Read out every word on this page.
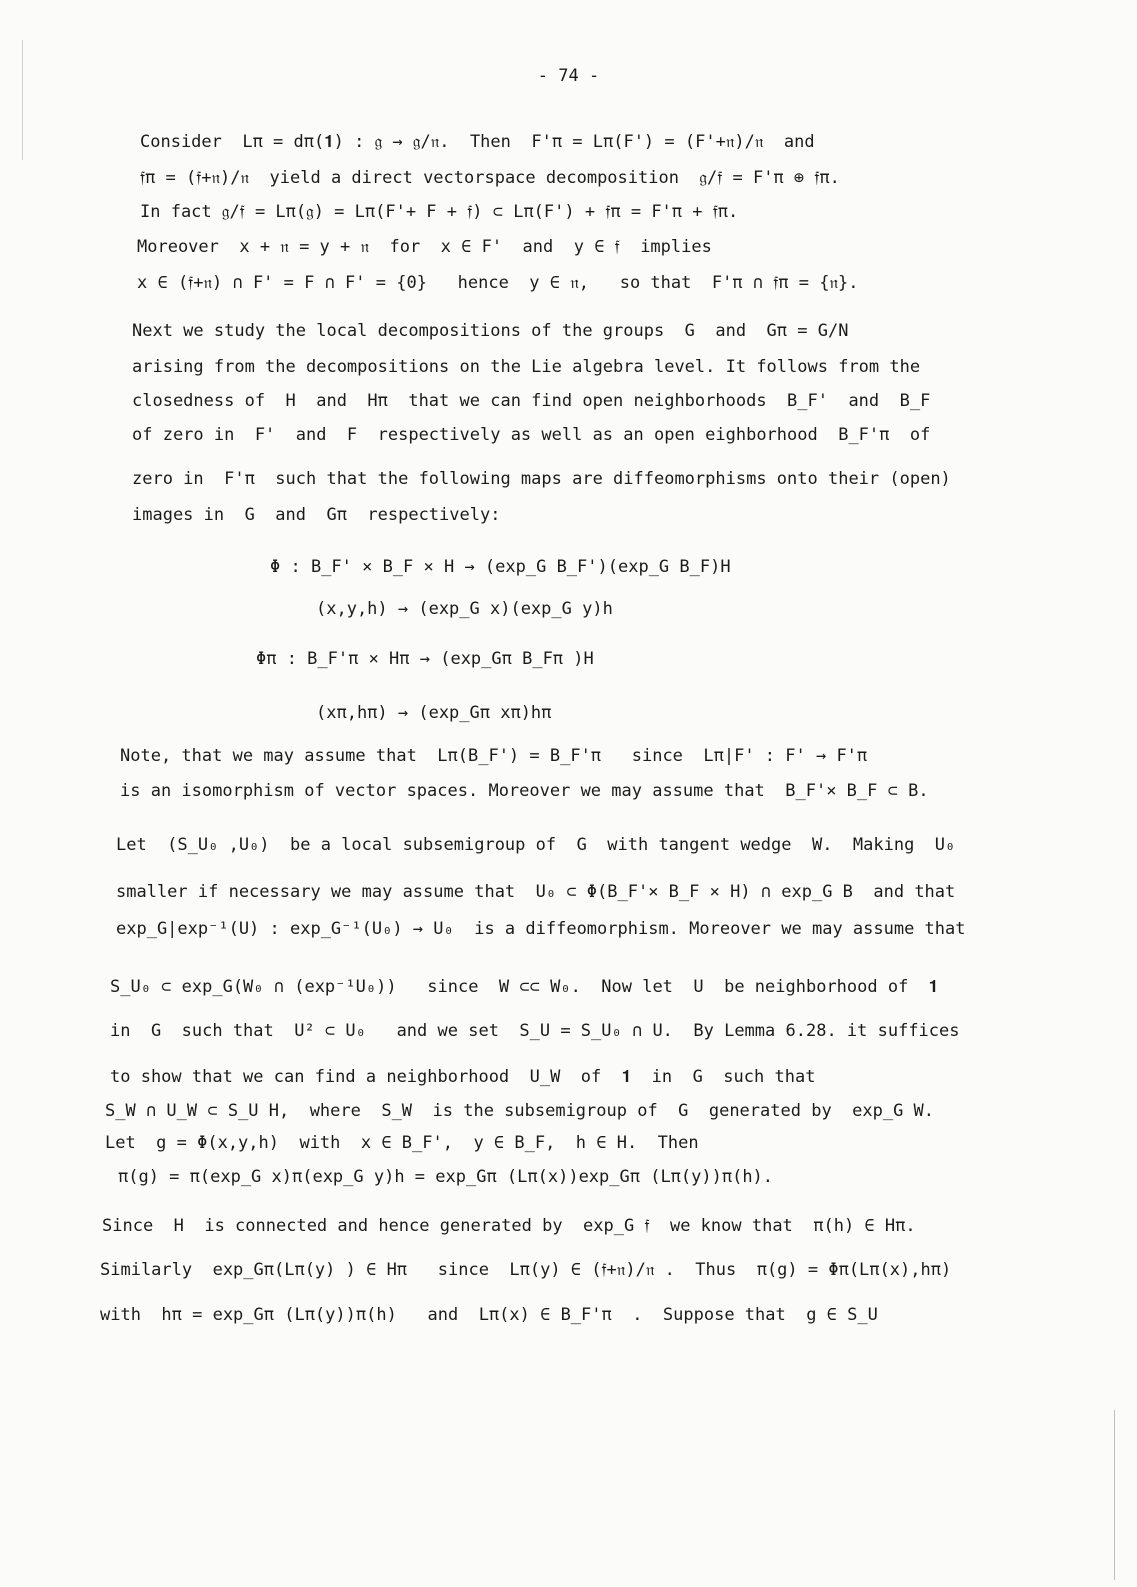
- 74 -
Consider  Lπ = dπ(𝟏) : 𝔤 → 𝔤/𝔫.  Then  F'π = Lπ(F') = (F'+𝔫)/𝔫  and
𝔣π = (𝔣+𝔫)/𝔫  yield a direct vectorspace decomposition  𝔤/𝔣 = F'π ⊕ 𝔣π.
In fact 𝔤/𝔣 = Lπ(𝔤) = Lπ(F'+ F + 𝔣) ⊂ Lπ(F') + 𝔣π = F'π + 𝔣π.
Moreover  x + 𝔫 = y + 𝔫  for  x ∈ F'  and  y ∈ 𝔣  implies
x ∈ (𝔣+𝔫) ∩ F' = F ∩ F' = {0}   hence  y ∈ 𝔫,   so that  F'π ∩ 𝔣π = {𝔫}.
Next we study the local decompositions of the groups  G  and  Gπ = G/N
arising from the decompositions on the Lie algebra level. It follows from the
closedness of  H  and  Hπ  that we can find open neighborhoods  B_F'  and  B_F
of zero in  F'  and  F  respectively as well as an open eighborhood  B_F'π  of
zero in  F'π  such that the following maps are diffeomorphisms onto their (open)
images in  G  and  Gπ  respectively:
Φ : B_F' × B_F × H → (exp_G B_F')(exp_G B_F)H
(x,y,h) → (exp_G x)(exp_G y)h
Φπ : B_F'π × Hπ → (exp_Gπ B_Fπ )H
(xπ,hπ) → (exp_Gπ xπ)hπ
Note, that we may assume that  Lπ(B_F') = B_F'π   since  Lπ|F' : F' → F'π
is an isomorphism of vector spaces. Moreover we may assume that  B_F'× B_F ⊂ B.
Let  (S_U₀ ,U₀)  be a local subsemigroup of  G  with tangent wedge  W.  Making  U₀
smaller if necessary we may assume that  U₀ ⊂ Φ(B_F'× B_F × H) ∩ exp_G B  and that
exp_G|exp⁻¹(U) : exp_G⁻¹(U₀) → U₀  is a diffeomorphism. Moreover we may assume that
S_U₀ ⊂ exp_G(W₀ ∩ (exp⁻¹U₀))   since  W ⊂⊂ W₀.  Now let  U  be neighborhood of  𝟏
in  G  such that  U² ⊂ U₀   and we set  S_U = S_U₀ ∩ U.  By Lemma 6.28. it suffices
to show that we can find a neighborhood  U_W  of  𝟏  in  G  such that
S_W ∩ U_W ⊂ S_U H,  where  S_W  is the subsemigroup of  G  generated by  exp_G W.
Let  g = Φ(x,y,h)  with  x ∈ B_F',  y ∈ B_F,  h ∈ H.  Then
π(g) = π(exp_G x)π(exp_G y)h = exp_Gπ (Lπ(x))exp_Gπ (Lπ(y))π(h).
Since  H  is connected and hence generated by  exp_G 𝔣  we know that  π(h) ∈ Hπ.
Similarly  exp_Gπ(Lπ(y) ) ∈ Hπ   since  Lπ(y) ∈ (𝔣+𝔫)/𝔫 .  Thus  π(g) = Φπ(Lπ(x),hπ)
with  hπ = exp_Gπ (Lπ(y))π(h)   and  Lπ(x) ∈ B_F'π  .  Suppose that  g ∈ S_U
